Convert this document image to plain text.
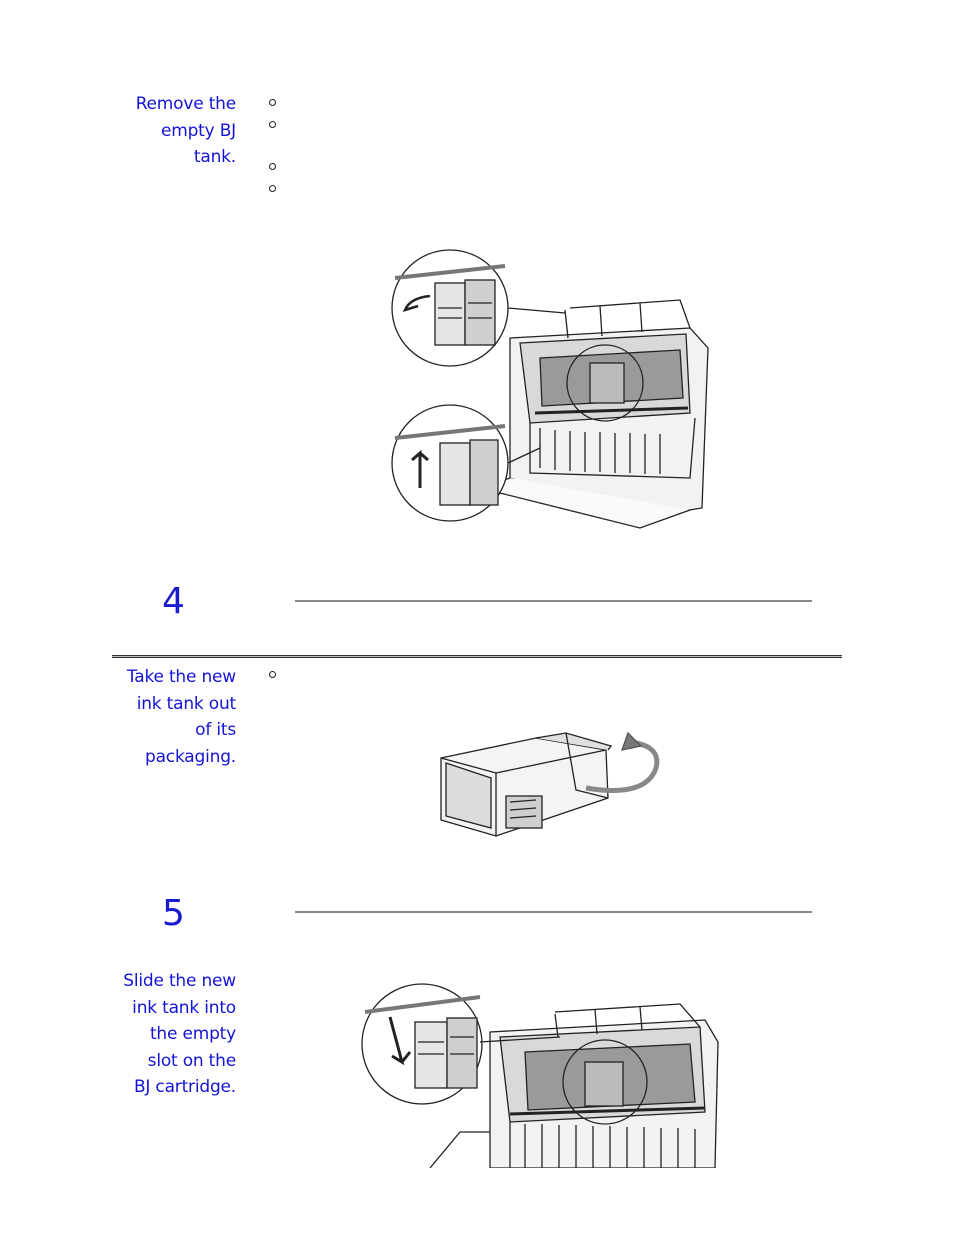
Remove the
empty BJ
tank.
4
Take the new
ink tank out
of its
packaging.
5
Slide the new
ink tank into
the empty
slot on the
BJ cartridge.
